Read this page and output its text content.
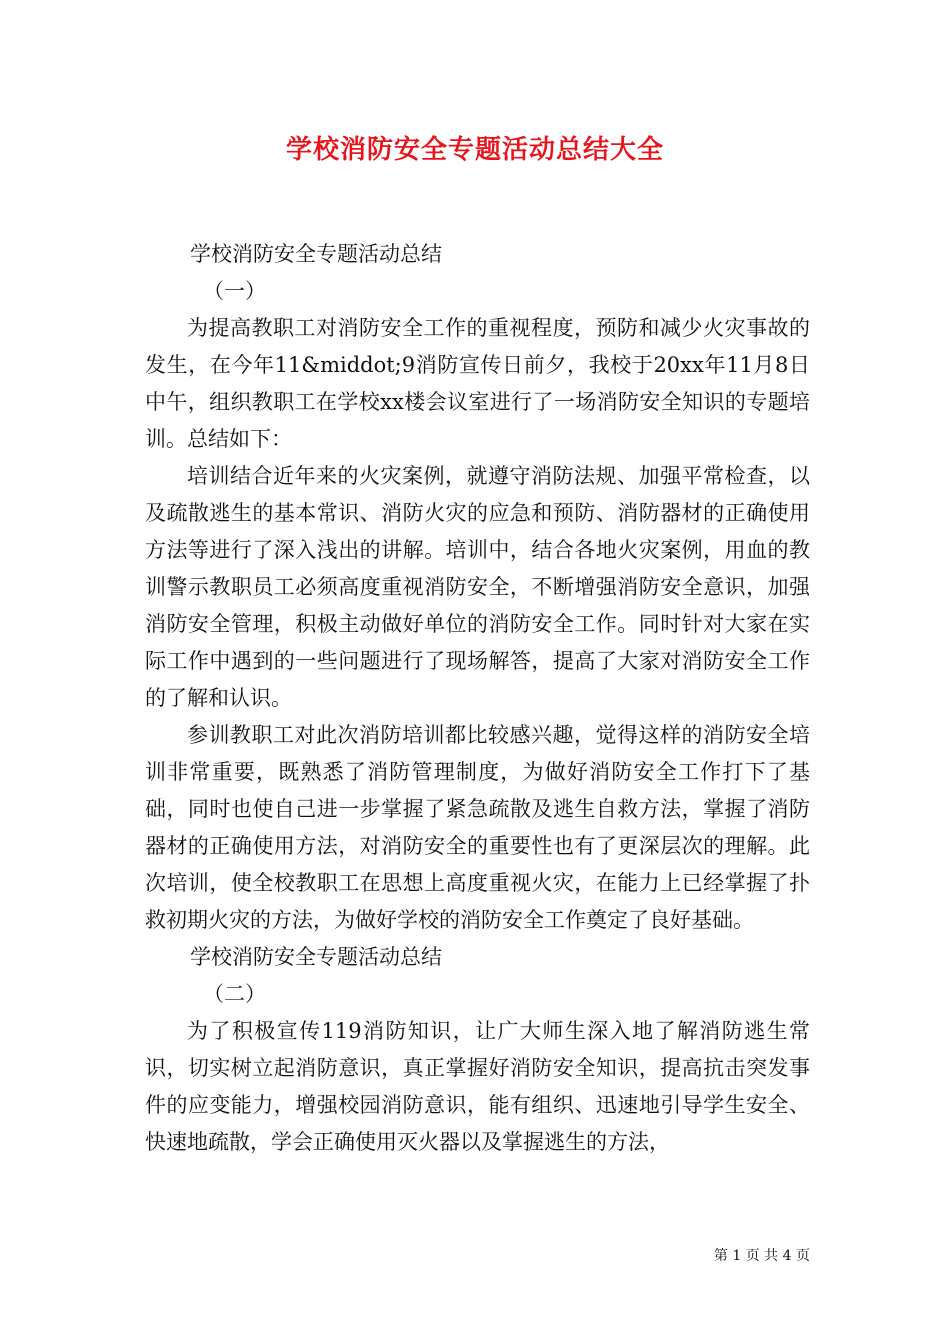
学校消防安全专题活动总结大全

学校消防安全专题活动总结

（一）

为提高教职工对消防安全工作的重视程度，预防和减少火灾事故的发生，在今年11&middot;9消防宣传日前夕，我校于20xx年11月8日中午，组织教职工在学校xx楼会议室进行了一场消防安全知识的专题培训。总结如下：

培训结合近年来的火灾案例，就遵守消防法规、加强平常检查，以及疏散逃生的基本常识、消防火灾的应急和预防、消防器材的正确使用方法等进行了深入浅出的讲解。培训中，结合各地火灾案例，用血的教训警示教职员工必须高度重视消防安全，不断增强消防安全意识，加强消防安全管理，积极主动做好单位的消防安全工作。同时针对大家在实际工作中遇到的一些问题进行了现场解答，提高了大家对消防安全工作的了解和认识。

参训教职工对此次消防培训都比较感兴趣，觉得这样的消防安全培训非常重要，既熟悉了消防管理制度，为做好消防安全工作打下了基础，同时也使自己进一步掌握了紧急疏散及逃生自救方法，掌握了消防器材的正确使用方法，对消防安全的重要性也有了更深层次的理解。此次培训，使全校教职工在思想上高度重视火灾，在能力上已经掌握了扑救初期火灾的方法，为做好学校的消防安全工作奠定了良好基础。

学校消防安全专题活动总结

（二）

为了积极宣传119消防知识，让广大师生深入地了解消防逃生常识，切实树立起消防意识，真正掌握好消防安全知识，提高抗击突发事件的应变能力，增强校园消防意识，能有组织、迅速地引导学生安全、快速地疏散，学会正确使用灭火器以及掌握逃生的方法，

第 1 页 共 4 页
